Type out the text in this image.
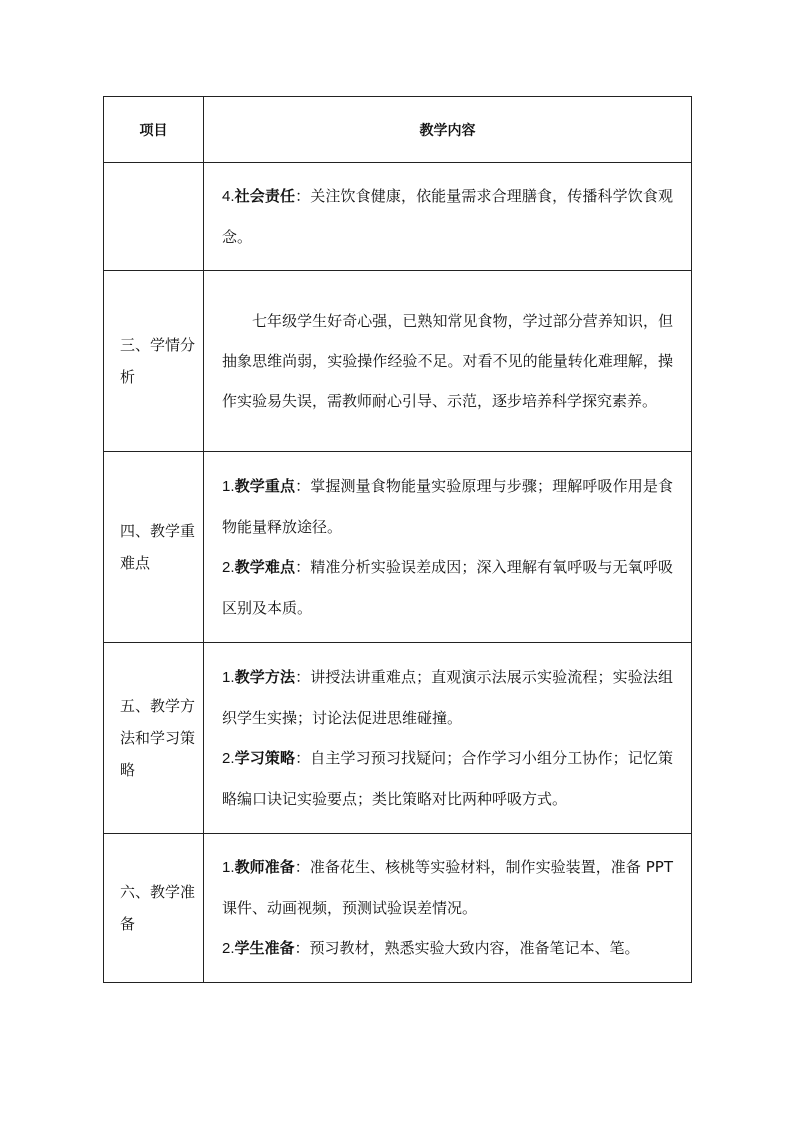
项目	教学内容

	4.社会责任：关注饮食健康，依能量需求合理膳食，传播科学饮食观念。

三、学情分析	七年级学生好奇心强，已熟知常见食物，学过部分营养知识，但抽象思维尚弱，实验操作经验不足。对看不见的能量转化难理解，操作实验易失误，需教师耐心引导、示范，逐步培养科学探究素养。

四、教学重难点	1.教学重点：掌握测量食物能量实验原理与步骤；理解呼吸作用是食物能量释放途径。

2.教学难点：精准分析实验误差成因；深入理解有氧呼吸与无氧呼吸区别及本质。

五、教学方法和学习策略	1.教学方法：讲授法讲重难点；直观演示法展示实验流程；实验法组织学生实操；讨论法促进思维碰撞。

2.学习策略：自主学习预习找疑问；合作学习小组分工协作；记忆策略编口诀记实验要点；类比策略对比两种呼吸方式。

六、教学准备	1.教师准备：准备花生、核桃等实验材料，制作实验装置，准备 PPT 课件、动画视频，预测试验误差情况。

2.学生准备：预习教材，熟悉实验大致内容，准备笔记本、笔。
